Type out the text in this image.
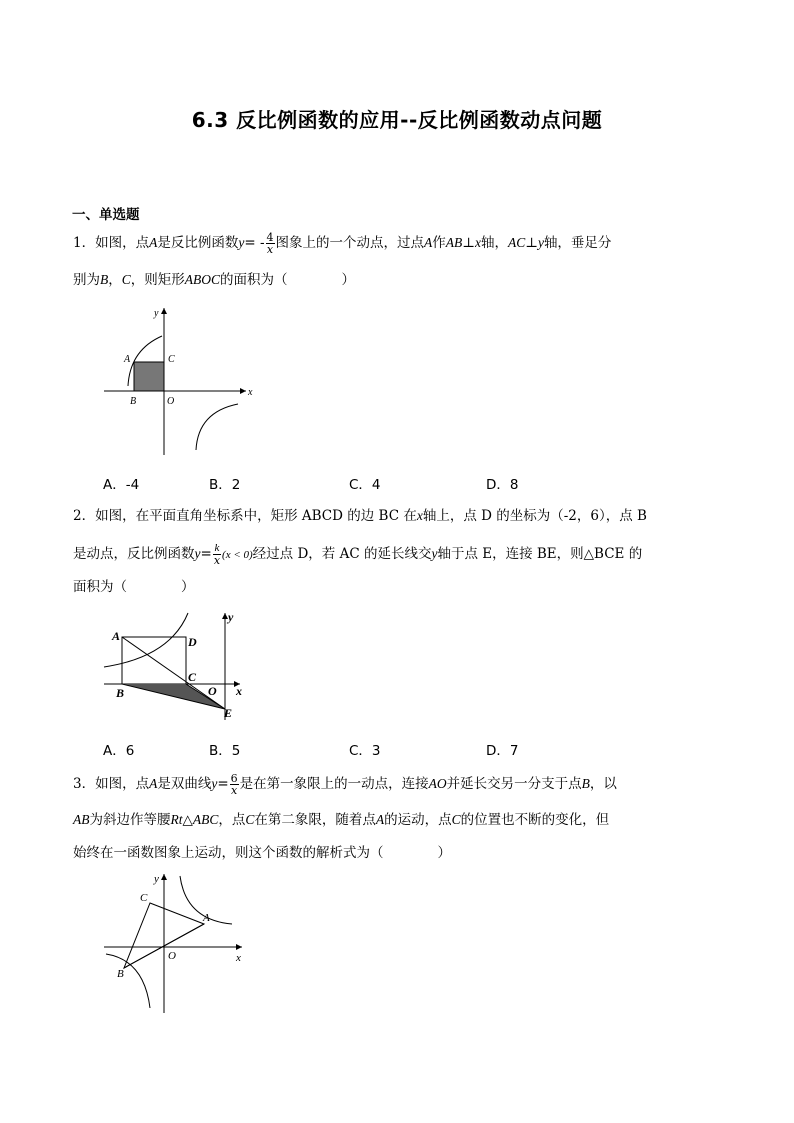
6.3 反比例函数的应用--反比例函数动点问题
一、单选题
1．如图，点A是反比例函数$y= - \frac{4}{x}$ 图象上的一个动点，过点A作AB⊥x轴，AC⊥y轴，垂足分
别为B，C，则矩形ABOC的面积为（	）
A	C
B	O
x
y
A．-4	B．2	C．4	D．8
2．如图，在平面直角坐标系中，矩形 ABCD 的边 BC 在x轴上，点 D 的坐标为（-2，6），点 B
是动点，反比例函数$y= \frac{k}{x} (x < 0)$经过点 D，若 AC 的延长线交y轴于点 E，连接 BE，则△BCE 的
面积为（	）
A	D
C
B	O
E
x
y
A．6	B．5	C．3	D．7
3．如图，点A是双曲线$y= \frac{6}{x}$ 是在第一象限上的一动点，连接AO并延长交另一分支于点B，以
AB为斜边作等腰Rt△ABC，点C在第二象限，随着点A的运动，点C的位置也不断的变化，但
始终在一函数图象上运动，则这个函数的解析式为（	）
C
A
B
O	x
y
